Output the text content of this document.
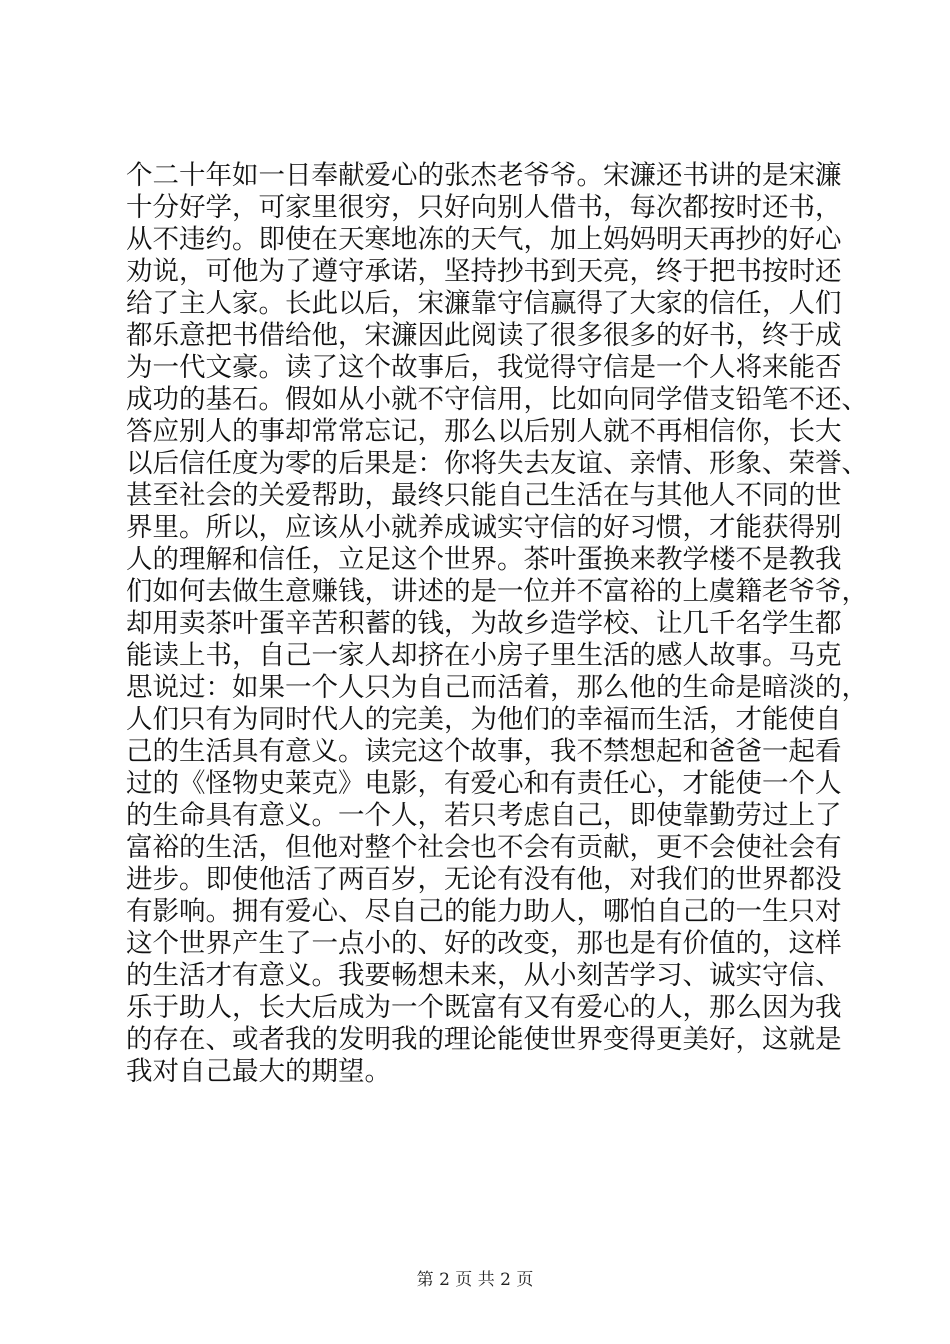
个二十年如一日奉献爱心的张杰老爷爷。宋濂还书讲的是宋濂
十分好学，可家里很穷，只好向别人借书，每次都按时还书，
从不违约。即使在天寒地冻的天气，加上妈妈明天再抄的好心
劝说，可他为了遵守承诺，坚持抄书到天亮，终于把书按时还
给了主人家。长此以后，宋濂靠守信赢得了大家的信任，人们
都乐意把书借给他，宋濂因此阅读了很多很多的好书，终于成
为一代文豪。读了这个故事后，我觉得守信是一个人将来能否
成功的基石。假如从小就不守信用，比如向同学借支铅笔不还、
答应别人的事却常常忘记，那么以后别人就不再相信你，长大
以后信任度为零的后果是：你将失去友谊、亲情、形象、荣誉、
甚至社会的关爱帮助，最终只能自己生活在与其他人不同的世
界里。所以，应该从小就养成诚实守信的好习惯，才能获得别
人的理解和信任，立足这个世界。茶叶蛋换来教学楼不是教我
们如何去做生意赚钱，讲述的是一位并不富裕的上虞籍老爷爷，
却用卖茶叶蛋辛苦积蓄的钱，为故乡造学校、让几千名学生都
能读上书，自己一家人却挤在小房子里生活的感人故事。马克
思说过：如果一个人只为自己而活着，那么他的生命是暗淡的，
人们只有为同时代人的完美，为他们的幸福而生活，才能使自
己的生活具有意义。读完这个故事，我不禁想起和爸爸一起看
过的《怪物史莱克》电影，有爱心和有责任心，才能使一个人
的生命具有意义。一个人，若只考虑自己，即使靠勤劳过上了
富裕的生活，但他对整个社会也不会有贡献，更不会使社会有
进步。即使他活了两百岁，无论有没有他，对我们的世界都没
有影响。拥有爱心、尽自己的能力助人，哪怕自己的一生只对
这个世界产生了一点小的、好的改变，那也是有价值的，这样
的生活才有意义。我要畅想未来，从小刻苦学习、诚实守信、
乐于助人，长大后成为一个既富有又有爱心的人，那么因为我
的存在、或者我的发明我的理论能使世界变得更美好，这就是
我对自己最大的期望。
第 2 页 共 2 页
